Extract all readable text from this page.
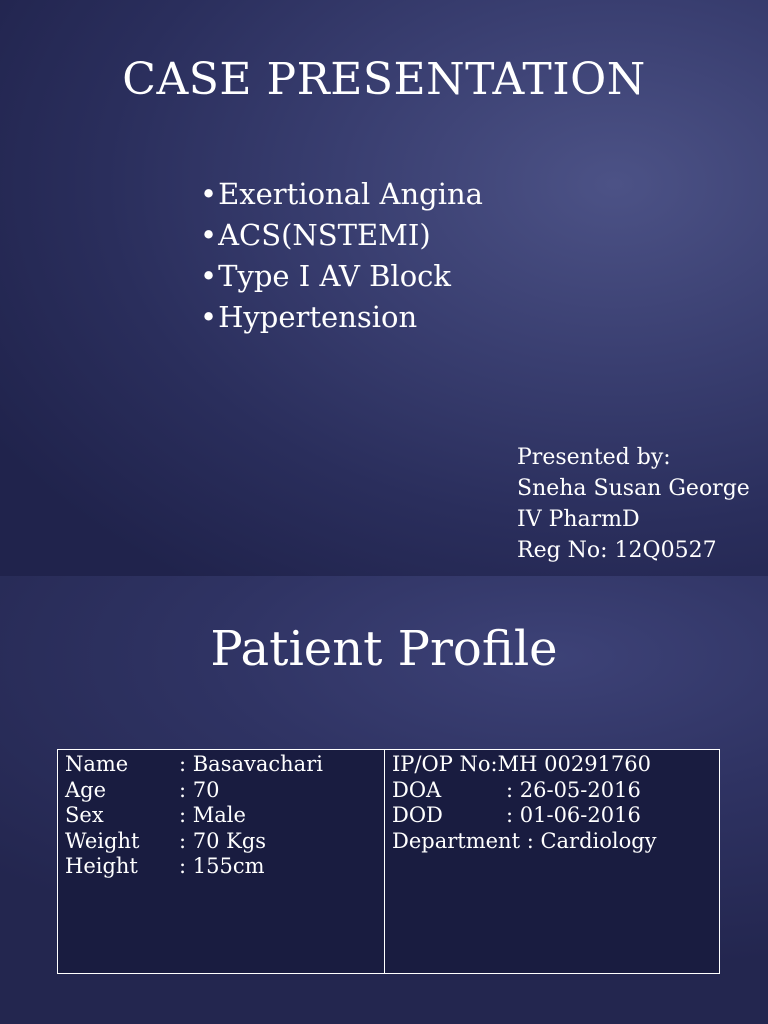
CASE PRESENTATION
•Exertional Angina
•ACS(NSTEMI)
•Type I AV Block
•Hypertension
Presented by:
Sneha Susan George
IV PharmD
Reg No: 12Q0527
Patient Profile
Name	: Basavachari
Age	: 70
Sex	: Male
Weight	: 70 Kgs
Height	: 155cm
IP/OP No :MH 00291760
DOA	: 26-05-2016
DOD	: 01-06-2016
Department : Cardiology
